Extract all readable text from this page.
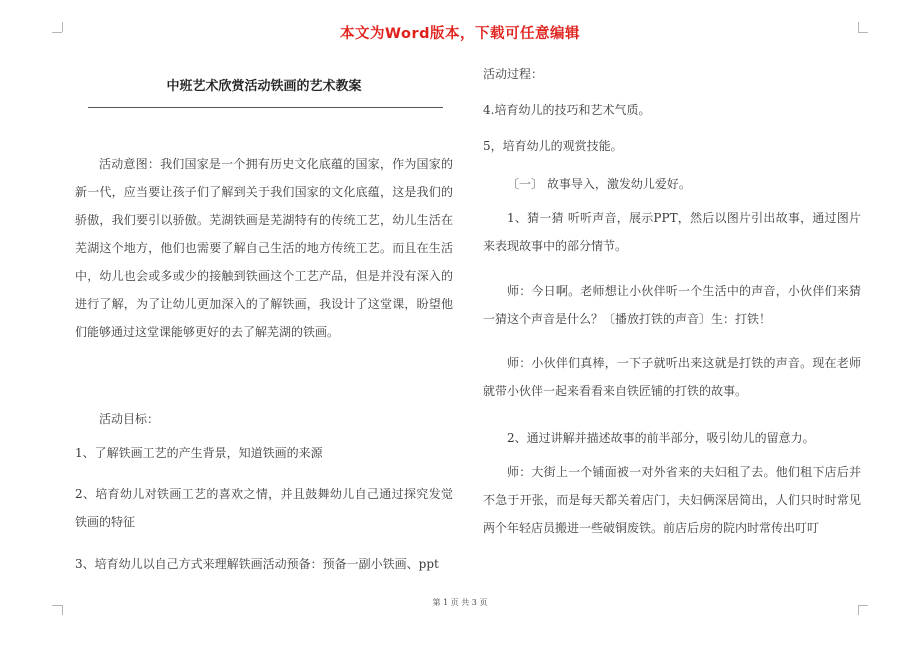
本文为Word版本，下载可任意编辑
中班艺术欣赏活动铁画的艺术教案
活动意图：我们国家是一个拥有历史文化底蕴的国家，作为国家的新一代，应当要让孩子们了解到关于我们国家的文化底蕴，这是我们的骄傲，我们要引以骄傲。芜湖铁画是芜湖特有的传统工艺，幼儿生活在芜湖这个地方，他们也需要了解自己生活的地方传统工艺。而且在生活中，幼儿也会或多或少的接触到铁画这个工艺产品，但是并没有深入的进行了解，为了让幼儿更加深入的了解铁画，我设计了这堂课，盼望他们能够通过这堂课能够更好的去了解芜湖的铁画。
活动目标：
1、了解铁画工艺的产生背景，知道铁画的来源
2、培育幼儿对铁画工艺的喜欢之情，并且鼓舞幼儿自己通过探究发觉铁画的特征
3、培育幼儿以自己方式来理解铁画活动预备：预备一副小铁画、ppt
活动过程：
4.培育幼儿的技巧和艺术气质。
5，培育幼儿的观赏技能。
〔一〕 故事导入，激发幼儿爱好。
1、猜一猜 听听声音，展示PPT，然后以图片引出故事，通过图片来表现故事中的部分情节。
师：今日啊。老师想让小伙伴听一个生活中的声音，小伙伴们来猜一猜这个声音是什么？〔播放打铁的声音〕生：打铁！
师：小伙伴们真棒，一下子就听出来这就是打铁的声音。现在老师就带小伙伴一起来看看来自铁匠铺的打铁的故事。
2、通过讲解并描述故事的前半部分，吸引幼儿的留意力。
师：大街上一个铺面被一对外省来的夫妇租了去。他们租下店后并不急于开张，而是每天都关着店门，夫妇俩深居简出，人们只时时常见两个年轻店员搬进一些破铜废铁。前店后房的院内时常传出叮叮
第 1 页 共 3 页
